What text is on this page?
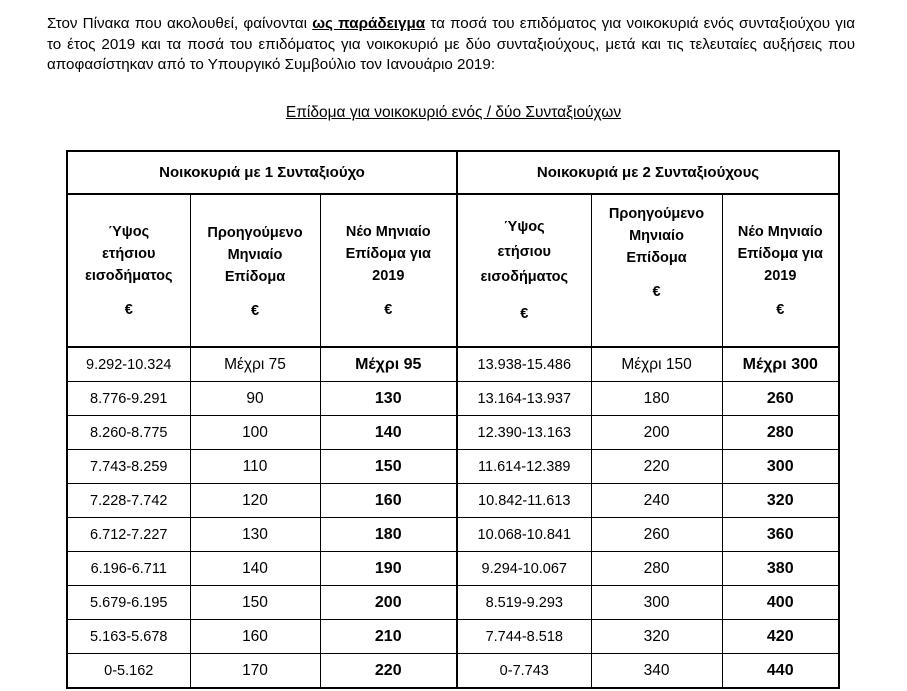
Στον Πίνακα που ακολουθεί, φαίνονται ως παράδειγμα τα ποσά του επιδόματος για νοικοκυριά ενός συνταξιούχου για το έτος 2019 και τα ποσά του επιδόματος για νοικοκυριό με δύο συνταξιούχους, μετά και τις τελευταίες αυξήσεις που αποφασίστηκαν από το Υπουργικό Συμβούλιο τον Ιανουάριο 2019:

Επίδομα για νοικοκυριό ενός / δύο Συνταξιούχων

Νοικοκυριά με 1 Συνταξιούχο			Νοικοκυριά με 2 Συνταξιούχους		
Ύψος
ετήσιου
εισοδήματος
€	Προηγούμενο
Μηνιαίο
Επίδομα
€	Νέο Μηνιαίο
Επίδομα για
2019
€	Ύψος
ετήσιου
εισοδήματος
€	Προηγούμενο
Μηνιαίο
Επίδομα
€	Νέο Μηνιαίο
Επίδομα για
2019
€

9.292-10.324	Μέχρι 75	Μέχρι 95	13.938-15.486	Μέχρι 150	Μέχρι 300
8.776-9.291	90	130	13.164-13.937	180	260
8.260-8.775	100	140	12.390-13.163	200	280
7.743-8.259	110	150	11.614-12.389	220	300
7.228-7.742	120	160	10.842-11.613	240	320
6.712-7.227	130	180	10.068-10.841	260	360
6.196-6.711	140	190	9.294-10.067	280	380
5.679-6.195	150	200	8.519-9.293	300	400
5.163-5.678	160	210	7.744-8.518	320	420
0-5.162	170	220	0-7.743	340	440
